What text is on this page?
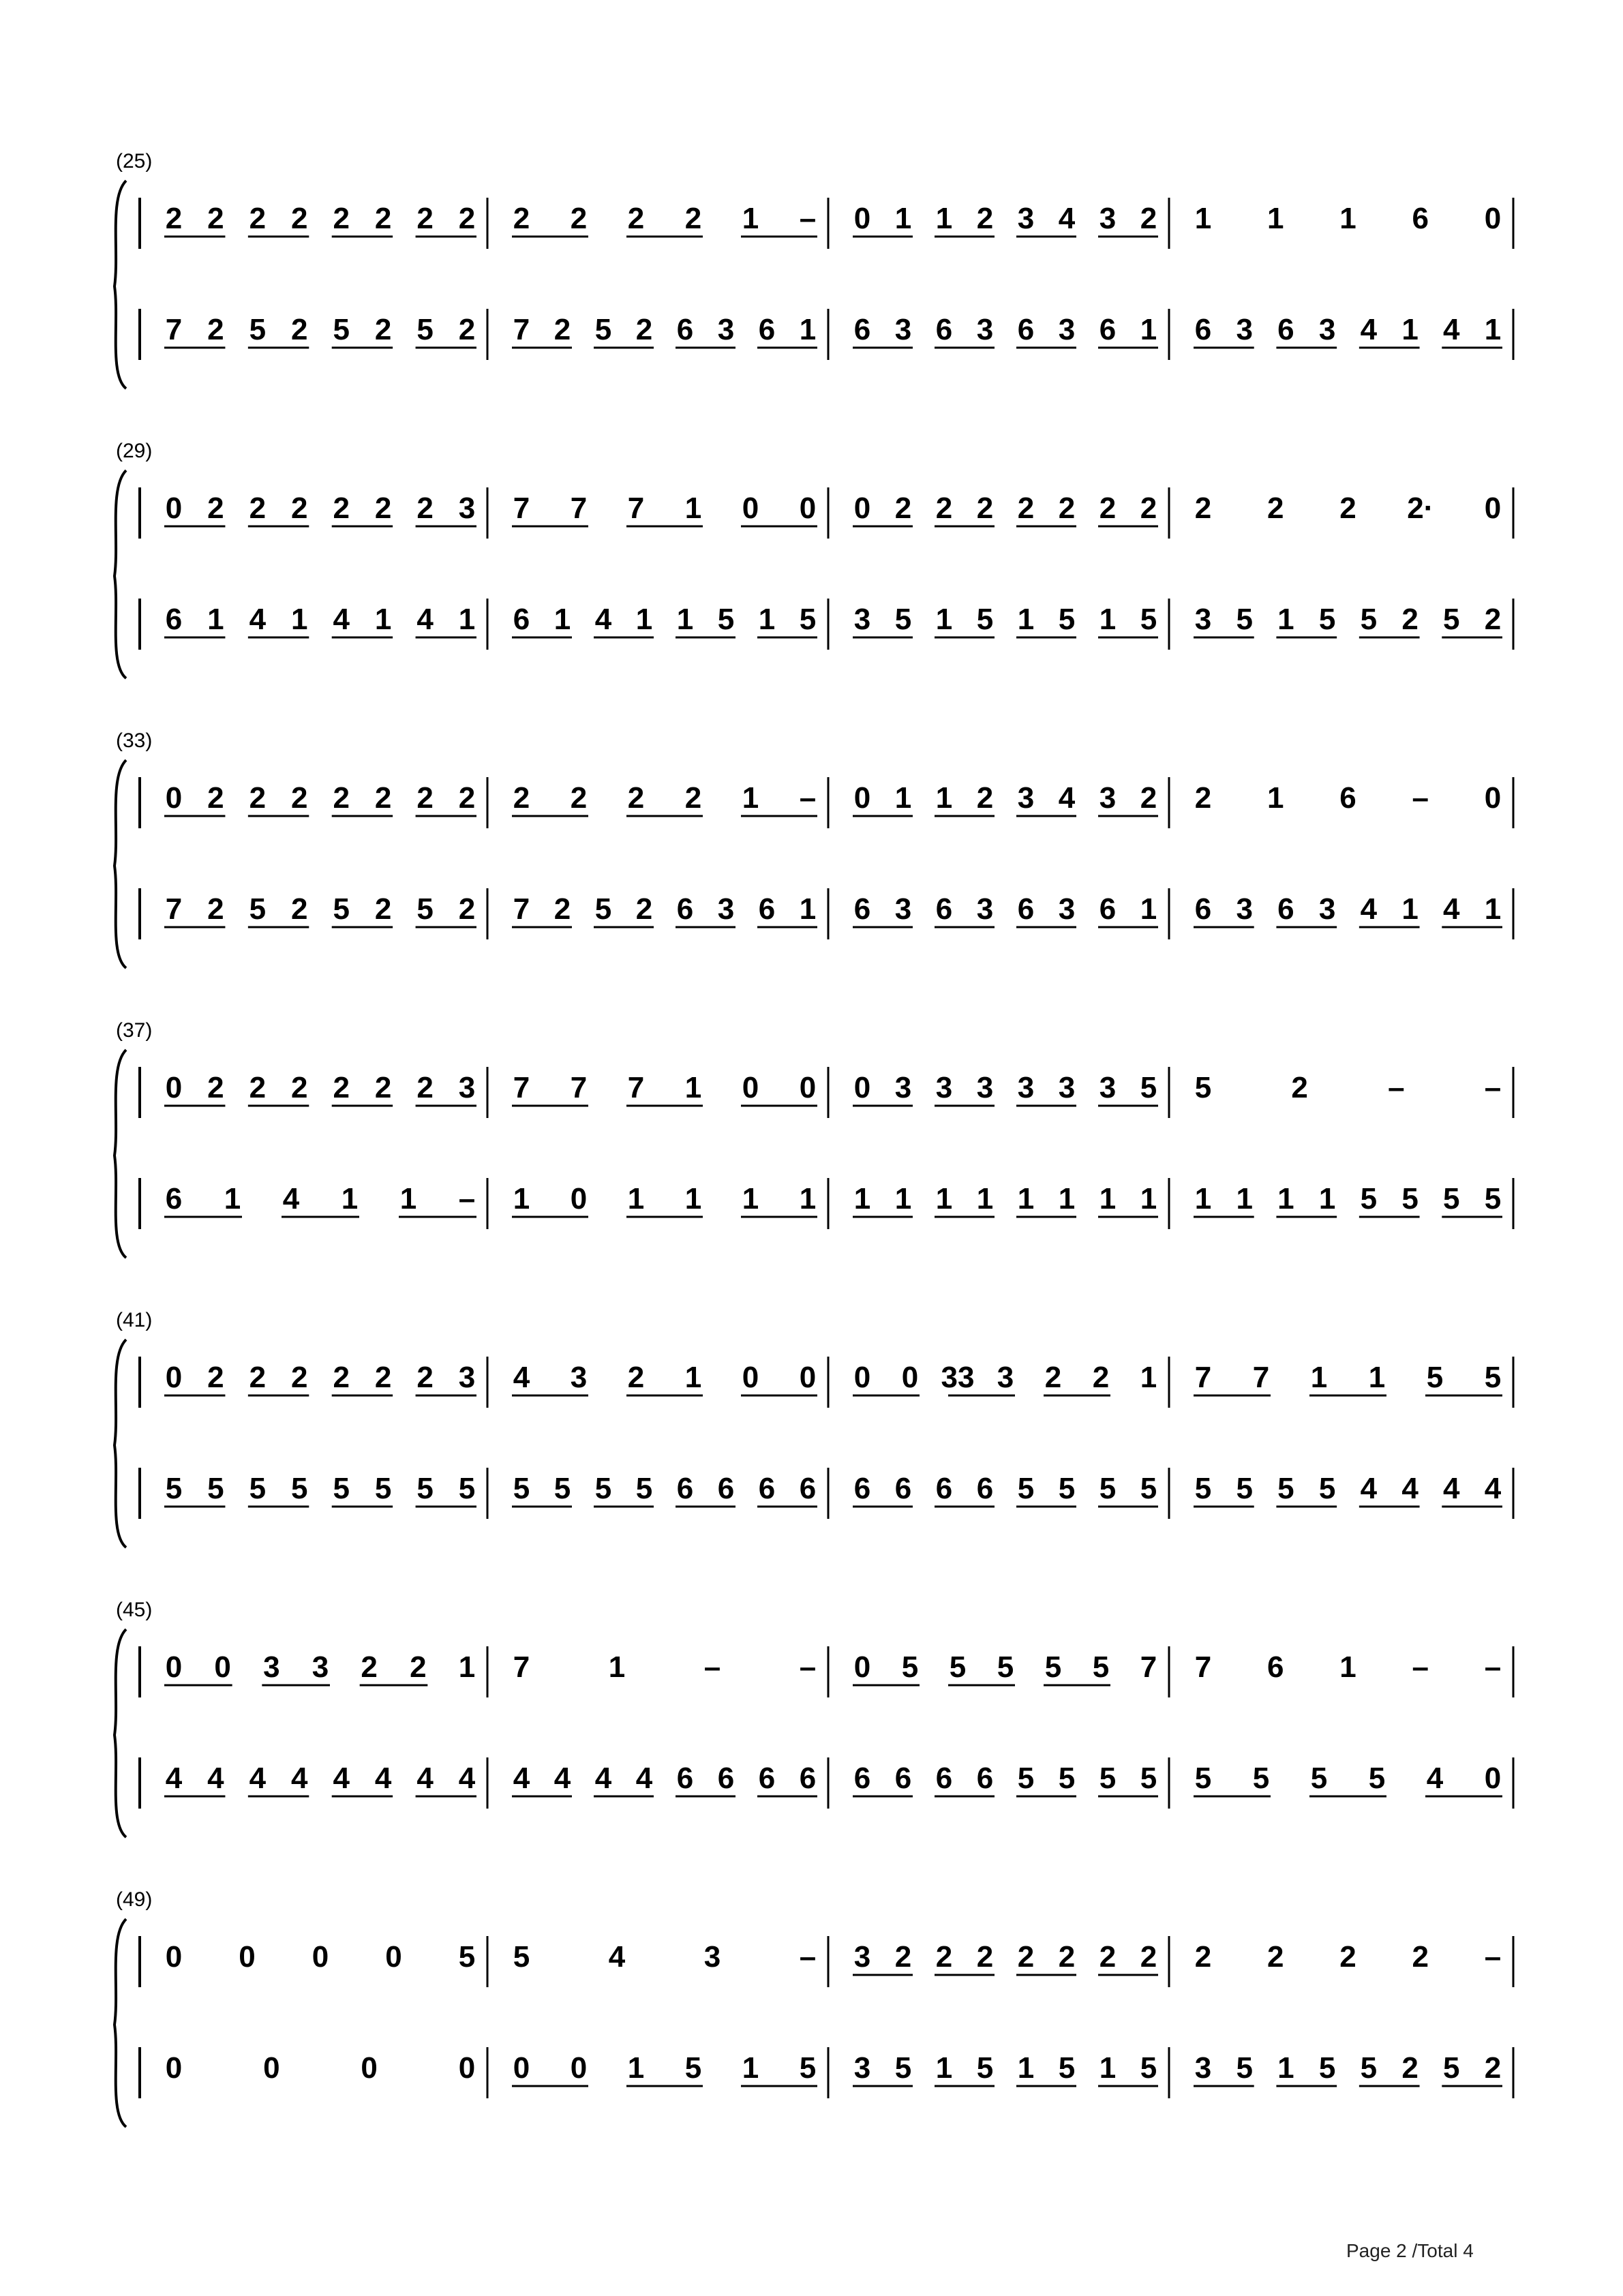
(25)
2 2 2 2 2 2 2 2 2 2 2 2 1 – 0 1 1 2 3 4 3 2 1 1 1 6 0
7 2 5 2 5 2 5 2 7 2 5 2 6 3 6 1 6 3 6 3 6 3 6 1 6 3 6 3 4 1 4 1
(29)
0 2 2 2 2 2 2 3 7 7 7 1 0 0 0 2 2 2 2 2 2 2 2 2 2 2· 0
6 1 4 1 4 1 4 1 6 1 4 1 1 5 1 5 3 5 1 5 1 5 1 5 3 5 1 5 5 2 5 2
(33)
0 2 2 2 2 2 2 2 2 2 2 2 1 – 0 1 1 2 3 4 3 2 2 1 6 – 0
7 2 5 2 5 2 5 2 7 2 5 2 6 3 6 1 6 3 6 3 6 3 6 1 6 3 6 3 4 1 4 1
(37)
0 2 2 2 2 2 2 3 7 7 7 1 0 0 0 3 3 3 3 3 3 5 5	2	–	–
6 1 4 1 1 – 1 0 1 1 1 1 1 1 1 1 1 1 1 1 1 1 1 1 5 5 5 5
(41)
0 2 2 2 2 2 2 3 4 3 2 1 0 0 0 0 33 3 2 2 1 7 7 1 1 5 5
5 5 5 5 5 5 5 5 5 5 5 5 6 6 6 6 6 6 6 6 5 5 5 5 5 5 5 5 4 4 4 4
(45)
0 0 3 3 2 2 1 7	1	–	– 0 5 5 5 5 5 7 7 6 1 – –
4 4 4 4 4 4 4 4 4 4 4 4 6 6 6 6 6 6 6 6 5 5 5 5 5 5 5 5 4 0
(49)
0 0 0 0 5 5	4	3	– 3 2 2 2 2 2 2 2 2 2 2 2 –
0	0	0	0 0 0 1 5 1 5 3 5 1 5 1 5 1 5 3 5 1 5 5 2 5 2
Page 2 /Total 4
